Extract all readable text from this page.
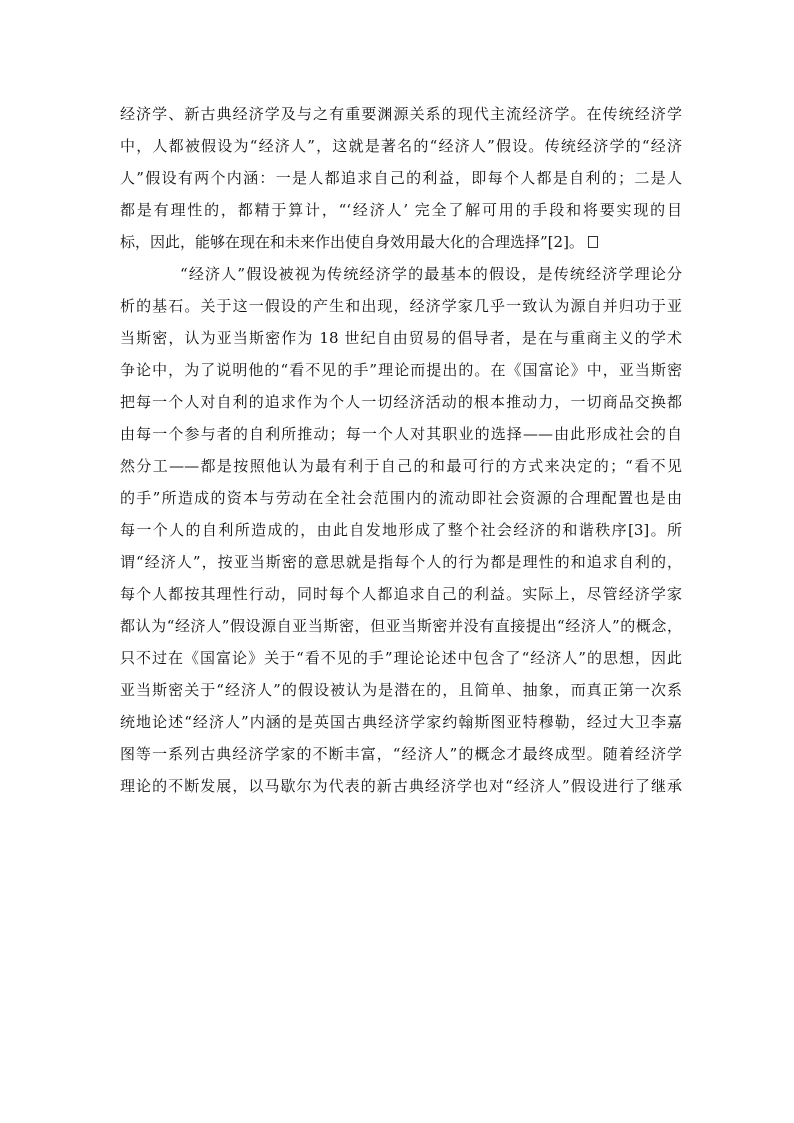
经济学、新古典经济学及与之有重要渊源关系的现代主流经济学。在传统经济学
中，人都被假设为“经济人”，这就是著名的“经济人”假设。传统经济学的“经济
人”假设有两个内涵：一是人都追求自己的利益，即每个人都是自利的；二是人
都是有理性的，都精于算计，“‘经济人’ 完全了解可用的手段和将要实现的目
标，因此，能够在现在和未来作出使自身效用最大化的合理选择”[2]。
“经济人”假设被视为传统经济学的最基本的假设，是传统经济学理论分
析的基石。关于这一假设的产生和出现，经济学家几乎一致认为源自并归功于亚
当斯密，认为亚当斯密作为 18 世纪自由贸易的倡导者，是在与重商主义的学术
争论中，为了说明他的“看不见的手”理论而提出的。在《国富论》中，亚当斯密
把每一个人对自利的追求作为个人一切经济活动的根本推动力，一切商品交换都
由每一个参与者的自利所推动；每一个人对其职业的选择——由此形成社会的自
然分工——都是按照他认为最有利于自己的和最可行的方式来决定的；“看不见
的手”所造成的资本与劳动在全社会范围内的流动即社会资源的合理配置也是由
每一个人的自利所造成的，由此自发地形成了整个社会经济的和谐秩序[3]。所
谓“经济人”，按亚当斯密的意思就是指每个人的行为都是理性的和追求自利的，
每个人都按其理性行动，同时每个人都追求自己的利益。实际上，尽管经济学家
都认为“经济人”假设源自亚当斯密，但亚当斯密并没有直接提出“经济人”的概念，
只不过在《国富论》关于“看不见的手”理论论述中包含了“经济人”的思想，因此
亚当斯密关于“经济人”的假设被认为是潜在的，且简单、抽象，而真正第一次系
统地论述“经济人”内涵的是英国古典经济学家约翰斯图亚特穆勒，经过大卫李嘉
图等一系列古典经济学家的不断丰富，“经济人”的概念才最终成型。随着经济学
理论的不断发展，以马歇尔为代表的新古典经济学也对“经济人”假设进行了继承
